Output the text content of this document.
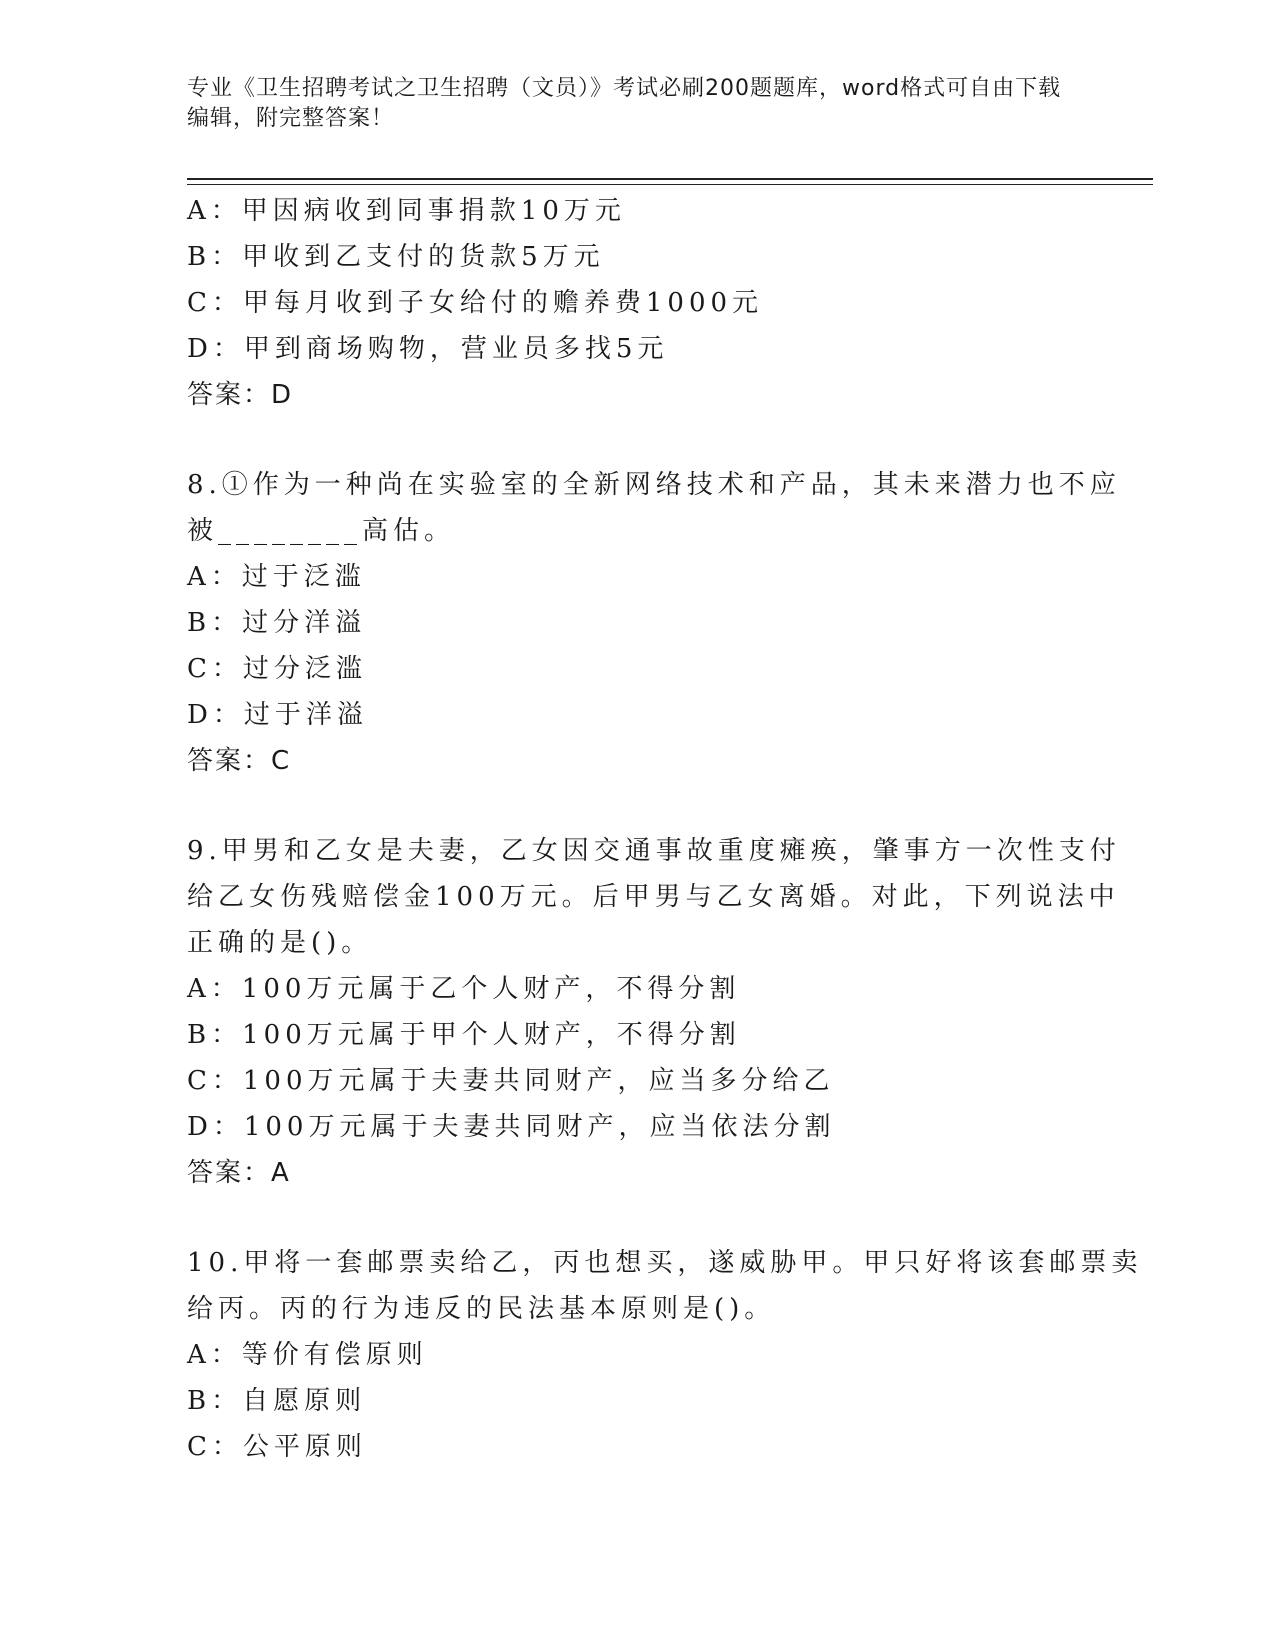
专业《卫生招聘考试之卫生招聘（文员）》考试必刷200题题库，word格式可自由下载编辑，附完整答案！
A：甲因病收到同事捐款10万元
B：甲收到乙支付的货款5万元
C：甲每月收到子女给付的赡养费1000元
D：甲到商场购物，营业员多找5元
答案：D
8.①作为一种尚在实验室的全新网络技术和产品，其未来潜力也不应
被________高估。
A：过于泛滥
B：过分洋溢
C：过分泛滥
D：过于洋溢
答案：C
9.甲男和乙女是夫妻，乙女因交通事故重度瘫痪，肇事方一次性支付
给乙女伤残赔偿金100万元。后甲男与乙女离婚。对此，下列说法中
正确的是()。
A：100万元属于乙个人财产，不得分割
B：100万元属于甲个人财产，不得分割
C：100万元属于夫妻共同财产，应当多分给乙
D：100万元属于夫妻共同财产，应当依法分割
答案：A
10.甲将一套邮票卖给乙，丙也想买，遂威胁甲。甲只好将该套邮票卖
给丙。丙的行为违反的民法基本原则是()。
A：等价有偿原则
B：自愿原则
C：公平原则
